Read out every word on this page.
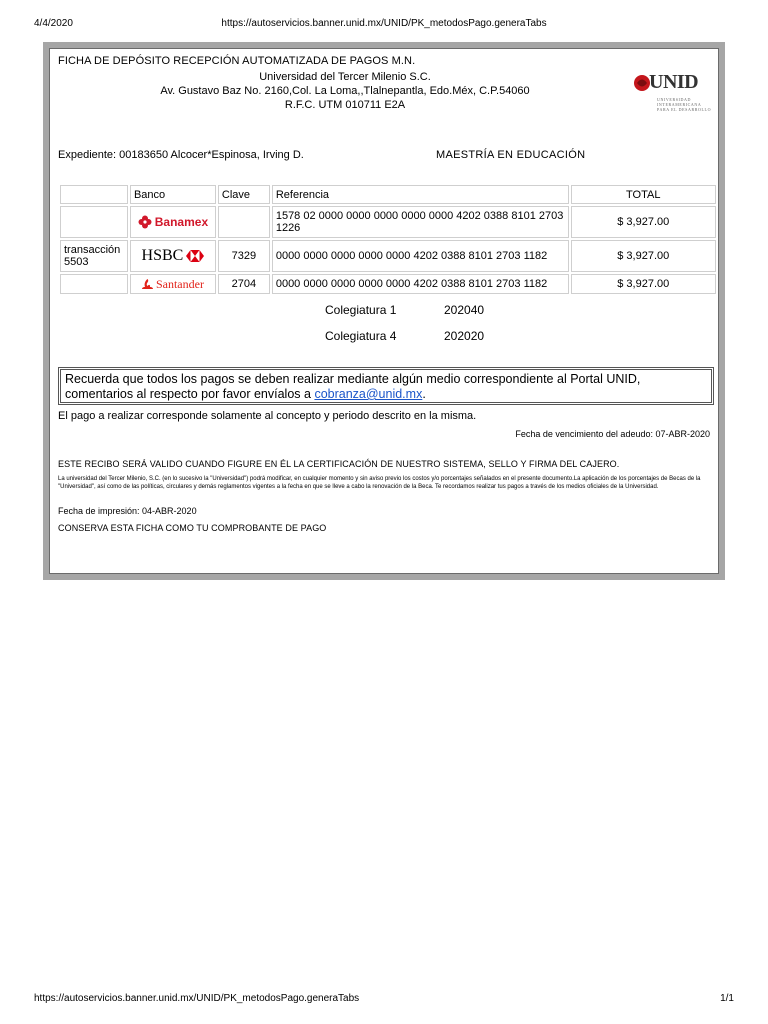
4/4/2020	https://autoservicios.banner.unid.mx/UNID/PK_metodosPago.generaTabs
FICHA DE DEPÓSITO RECEPCIÓN AUTOMATIZADA DE PAGOS M.N.
Universidad del Tercer Milenio S.C.
Av. Gustavo Baz No. 2160,Col. La Loma,,Tlalnepantla, Edo.Méx, C.P.54060
R.F.C. UTM 010711 E2A
UNID
UNIVERSIDAD
INTERAMERICANA
PARA EL DESARROLLO
Expediente: 00183650 Alcocer*Espinosa, Irving D.	MAESTRÍA EN EDUCACIÓN
	Banco	Clave	Referencia	TOTAL

	Banamex		1578 02 0000 0000 0000 0000 0000 4202 0388 8101 2703 1226	$ 3,927.00
transacción 5503	HSBC	7329	0000 0000 0000 0000 0000 4202 0388 8101 2703 1182	$ 3,927.00

	Santander	2704	0000 0000 0000 0000 0000 4202 0388 8101 2703 1182	$ 3,927.00
Colegiatura 1	202040
Colegiatura 4	202020
Recuerda que todos los pagos se deben realizar mediante algún medio correspondiente al Portal UNID, comentarios al respecto por favor envíalos a cobranza@unid.mx.
El pago a realizar corresponde solamente al concepto y periodo descrito en la misma.
Fecha de vencimiento del adeudo: 07-ABR-2020
ESTE RECIBO SERÁ VALIDO CUANDO FIGURE EN ÉL LA CERTIFICACIÓN DE NUESTRO SISTEMA, SELLO Y FIRMA DEL CAJERO.
La universidad del Tercer Milenio, S.C. (en lo sucesivo la "Universidad") podrá modificar, en cualquier momento y sin aviso previo los costos y/o porcentajes señalados en el presente documento.La aplicación de los porcentajes de Becas de la "Universidad", así como de las políticas, circulares y demás reglamentos vigentes a la fecha en que se lleve a cabo la renovación de la Beca. Te recordamos realizar tus pagos a través de los medios oficiales de la Universidad.
Fecha de impresión: 04-ABR-2020
CONSERVA ESTA FICHA COMO TU COMPROBANTE DE PAGO
https://autoservicios.banner.unid.mx/UNID/PK_metodosPago.generaTabs	1/1
